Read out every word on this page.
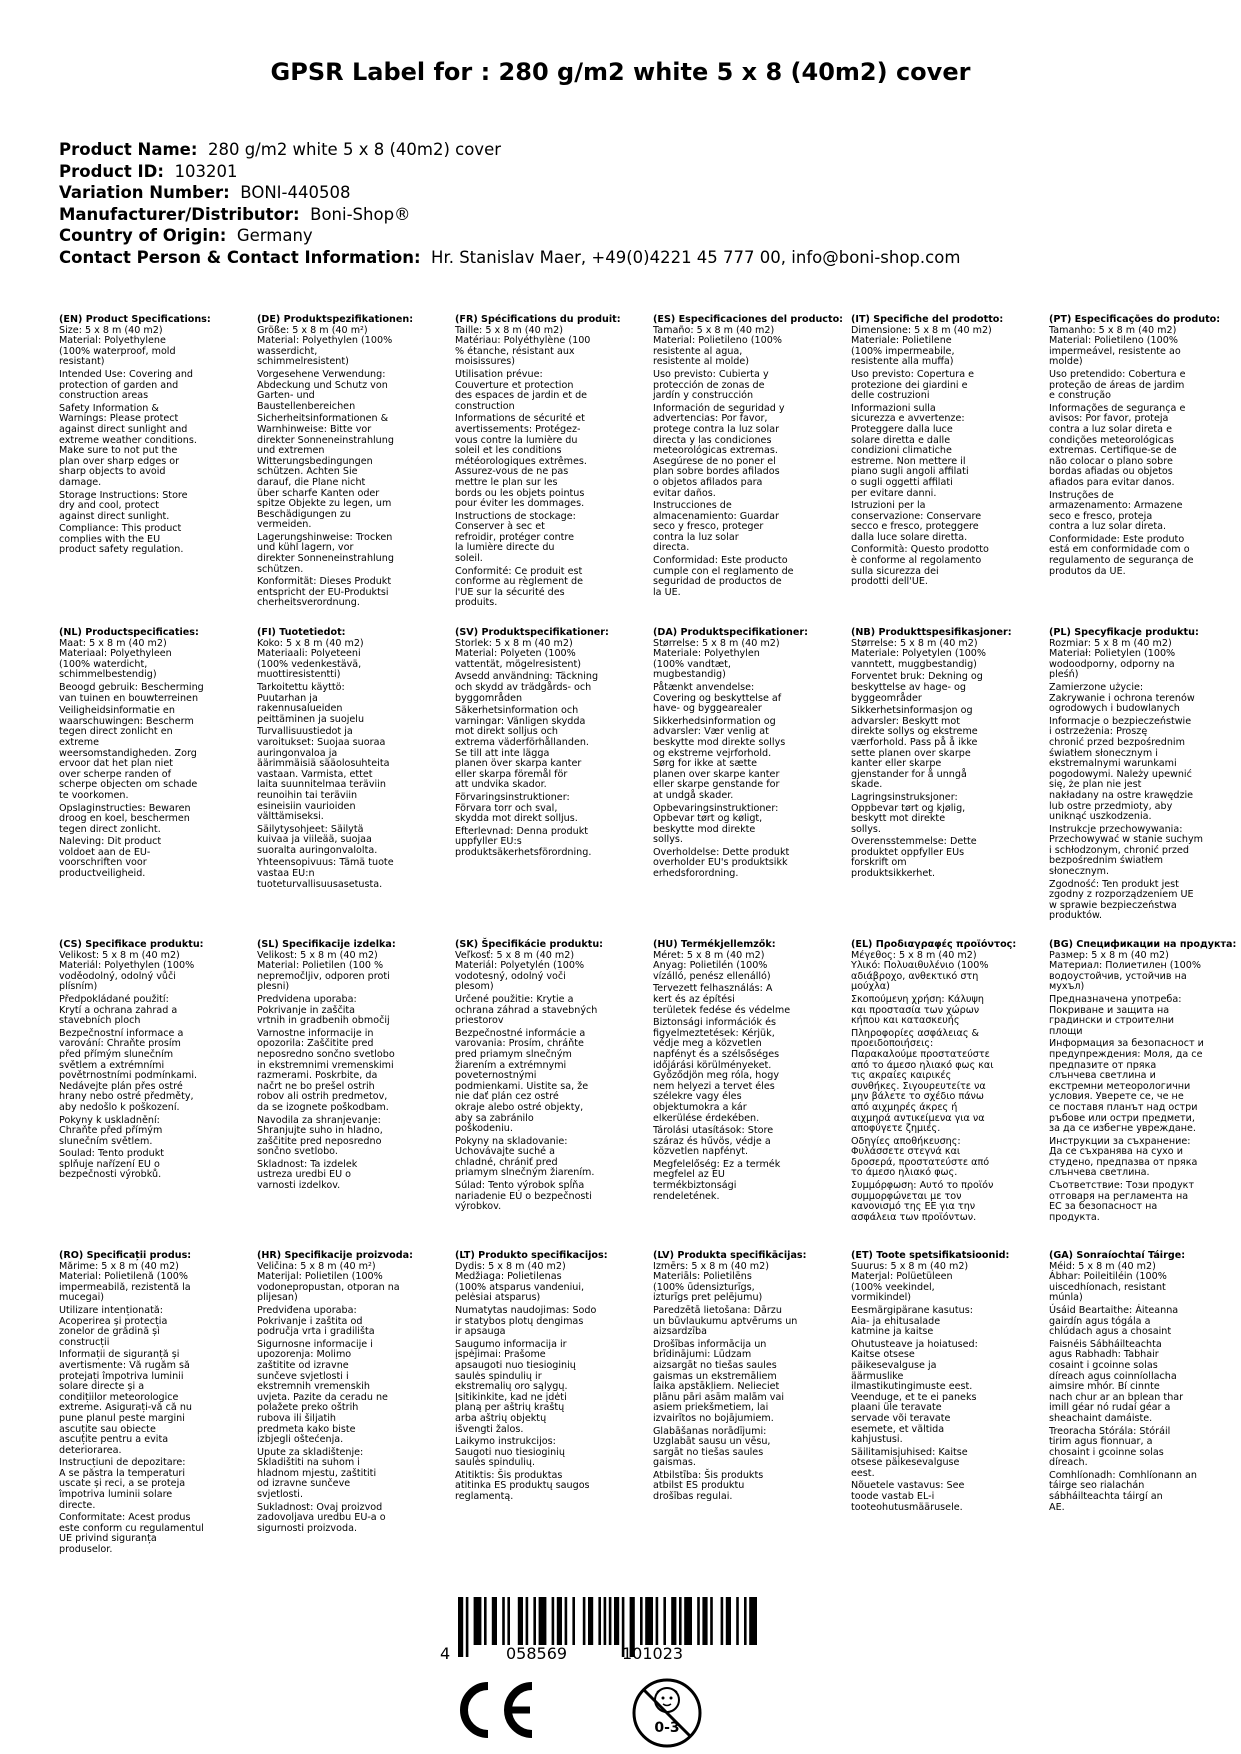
GPSR Label for : 280 g/m2 white 5 x 8 (40m2) cover
Product Name: 280 g/m2 white 5 x 8 (40m2) cover
Product ID: 103201
Variation Number: BONI-440508
Manufacturer/Distributor: Boni-Shop®
Country of Origin: Germany
Contact Person & Contact Information: Hr. Stanislav Maer, +49(0)4221 45 777 00, info@boni-shop.com
(EN) Product Specifications:
Size: 5 x 8 m (40 m2)
Material: Polyethylene
(100% waterproof, mold
resistant)
Intended Use: Covering and
protection of garden and
construction areas
Safety Information &
Warnings: Please protect
against direct sunlight and
extreme weather conditions.
Make sure to not put the
plan over sharp edges or
sharp objects to avoid
damage.
Storage Instructions: Store
dry and cool, protect
against direct sunlight.
Compliance: This product
complies with the EU
product safety regulation.
(DE) Produktspezifikationen:
Größe: 5 x 8 m (40 m²)
Material: Polyethylen (100%
wasserdicht,
schimmelresistent)
Vorgesehene Verwendung:
Abdeckung und Schutz von
Garten- und
Baustellenbereichen
Sicherheitsinformationen &
Warnhinweise: Bitte vor
direkter Sonneneinstrahlung
und extremen
Witterungsbedingungen
schützen. Achten Sie
darauf, die Plane nicht
über scharfe Kanten oder
spitze Objekte zu legen, um
Beschädigungen zu
vermeiden.
Lagerungshinweise: Trocken
und kühl lagern, vor
direkter Sonneneinstrahlung
schützen.
Konformität: Dieses Produkt
entspricht der EU-Produktsi
cherheitsverordnung.
(FR) Spécifications du produit:
Taille: 5 x 8 m (40 m2)
Matériau: Polyéthylène (100
% étanche, résistant aux
moisissures)
Utilisation prévue:
Couverture et protection
des espaces de jardin et de
construction
Informations de sécurité et
avertissements: Protégez-
vous contre la lumière du
soleil et les conditions
météorologiques extrêmes.
Assurez-vous de ne pas
mettre le plan sur les
bords ou les objets pointus
pour éviter les dommages.
Instructions de stockage:
Conserver à sec et
refroidir, protéger contre
la lumière directe du
soleil.
Conformité: Ce produit est
conforme au règlement de
l'UE sur la sécurité des
produits.
(ES) Especificaciones del producto:
Tamaño: 5 x 8 m (40 m2)
Material: Polietileno (100%
resistente al agua,
resistente al molde)
Uso previsto: Cubierta y
protección de zonas de
jardín y construcción
Información de seguridad y
advertencias: Por favor,
protege contra la luz solar
directa y las condiciones
meteorológicas extremas.
Asegúrese de no poner el
plan sobre bordes afilados
o objetos afilados para
evitar daños.
Instrucciones de
almacenamiento: Guardar
seco y fresco, proteger
contra la luz solar
directa.
Conformidad: Este producto
cumple con el reglamento de
seguridad de productos de
la UE.
(IT) Specifiche del prodotto:
Dimensione: 5 x 8 m (40 m2)
Materiale: Polietilene
(100% impermeabile,
resistente alla muffa)
Uso previsto: Copertura e
protezione dei giardini e
delle costruzioni
Informazioni sulla
sicurezza e avvertenze:
Proteggere dalla luce
solare diretta e dalle
condizioni climatiche
estreme. Non mettere il
piano sugli angoli affilati
o sugli oggetti affilati
per evitare danni.
Istruzioni per la
conservazione: Conservare
secco e fresco, proteggere
dalla luce solare diretta.
Conformità: Questo prodotto
è conforme al regolamento
sulla sicurezza dei
prodotti dell'UE.
(PT) Especificações do produto:
Tamanho: 5 x 8 m (40 m2)
Material: Polietileno (100%
impermeável, resistente ao
molde)
Uso pretendido: Cobertura e
proteção de áreas de jardim
e construção
Informações de segurança e
avisos: Por favor, proteja
contra a luz solar direta e
condições meteorológicas
extremas. Certifique-se de
não colocar o plano sobre
bordas afiadas ou objetos
afiados para evitar danos.
Instruções de
armazenamento: Armazene
seco e fresco, proteja
contra a luz solar direta.
Conformidade: Este produto
está em conformidade com o
regulamento de segurança de
produtos da UE.
(NL) Productspecificaties:
Maat: 5 x 8 m (40 m2)
Materiaal: Polyethyleen
(100% waterdicht,
schimmelbestendig)
Beoogd gebruik: Bescherming
van tuinen en bouwterreinen
Veiligheidsinformatie en
waarschuwingen: Bescherm
tegen direct zonlicht en
extreme
weersomstandigheden. Zorg
ervoor dat het plan niet
over scherpe randen of
scherpe objecten om schade
te voorkomen.
Opslaginstructies: Bewaren
droog en koel, beschermen
tegen direct zonlicht.
Naleving: Dit product
voldoet aan de EU-
voorschriften voor
productveiligheid.
(FI) Tuotetiedot:
Koko: 5 x 8 m (40 m2)
Materiaali: Polyeteeni
(100% vedenkestävä,
muottiresistentti)
Tarkoitettu käyttö:
Puutarhan ja
rakennusalueiden
peittäminen ja suojelu
Turvallisuustiedot ja
varoitukset: Suojaa suoraa
auringonvaloa ja
äärimmäisiä sääolosuhteita
vastaan. Varmista, ettet
laita suunnitelmaa teräviin
reunoihin tai teräviin
esineisiin vaurioiden
välttämiseksi.
Säilytysohjeet: Säilytä
kuivaa ja viileää, suojaa
suoralta auringonvalolta.
Yhteensopivuus: Tämä tuote
vastaa EU:n
tuoteturvallisuusasetusta.
(SV) Produktspecifikationer:
Storlek: 5 x 8 m (40 m2)
Material: Polyeten (100%
vattentät, mögelresistent)
Avsedd användning: Täckning
och skydd av trädgårds- och
byggområden
Säkerhetsinformation och
varningar: Vänligen skydda
mot direkt solljus och
extrema väderförhållanden.
Se till att inte lägga
planen över skarpa kanter
eller skarpa föremål för
att undvika skador.
Förvaringsinstruktioner:
Förvara torr och sval,
skydda mot direkt solljus.
Efterlevnad: Denna produkt
uppfyller EU:s
produktsäkerhetsförordning.
(DA) Produktspecifikationer:
Størrelse: 5 x 8 m (40 m2)
Materiale: Polyethylen
(100% vandtæt,
mugbestandig)
Påtænkt anvendelse:
Covering og beskyttelse af
have- og byggearealer
Sikkerhedsinformation og
advarsler: Vær venlig at
beskytte mod direkte sollys
og ekstreme vejrforhold.
Sørg for ikke at sætte
planen over skarpe kanter
eller skarpe genstande for
at undgå skader.
Opbevaringsinstruktioner:
Opbevar tørt og køligt,
beskytte mod direkte
sollys.
Overholdelse: Dette produkt
overholder EU's produktsikk
erhedsforordning.
(NB) Produkttspesifikasjoner:
Størrelse: 5 x 8 m (40 m2)
Materiale: Polyetylen (100%
vanntett, muggbestandig)
Forventet bruk: Dekning og
beskyttelse av hage- og
byggeområder
Sikkerhetsinformasjon og
advarsler: Beskytt mot
direkte sollys og ekstreme
værforhold. Pass på å ikke
sette planen over skarpe
kanter eller skarpe
gjenstander for å unngå
skade.
Lagringsinstruksjoner:
Oppbevar tørt og kjølig,
beskytt mot direkte
sollys.
Overensstemmelse: Dette
produktet oppfyller EUs
forskrift om
produktsikkerhet.
(PL) Specyfikacje produktu:
Rozmiar: 5 x 8 m (40 m2)
Materiał: Polietylen (100%
wodoodporny, odporny na
pleśń)
Zamierzone użycie:
Zakrywanie i ochrona terenów
ogrodowych i budowlanych
Informacje o bezpieczeństwie
i ostrzeżenia: Proszę
chronić przed bezpośrednim
światłem słonecznym i
ekstremalnymi warunkami
pogodowymi. Należy upewnić
się, że plan nie jest
nakładany na ostre krawędzie
lub ostre przedmioty, aby
uniknąć uszkodzenia.
Instrukcje przechowywania:
Przechowywać w stanie suchym
i schłodzonym, chronić przed
bezpośrednim światłem
słonecznym.
Zgodność: Ten produkt jest
zgodny z rozporządzeniem UE
w sprawie bezpieczeństwa
produktów.
(CS) Specifikace produktu:
Velikost: 5 x 8 m (40 m2)
Materiál: Polyethylen (100%
voděodolný, odolný vůči
plísním)
Předpokládané použití:
Krytí a ochrana zahrad a
stavebních ploch
Bezpečnostní informace a
varování: Chraňte prosím
před přímým slunečním
světlem a extrémními
povětrnostními podmínkami.
Nedávejte plán přes ostré
hrany nebo ostré předměty,
aby nedošlo k poškození.
Pokyny k uskladnění:
Chraňte před přímým
slunečním světlem.
Soulad: Tento produkt
splňuje nařízení EU o
bezpečnosti výrobků.
(SL) Specifikacije izdelka:
Velikost: 5 x 8 m (40 m2)
Material: Polietilen (100 %
nepremočljiv, odporen proti
plesni)
Predvidena uporaba:
Pokrivanje in zaščita
vrtnih in gradbenih območij
Varnostne informacije in
opozorila: Zaščitite pred
neposredno sončno svetlobo
in ekstremnimi vremenskimi
razmerami. Poskrbite, da
načrt ne bo prešel ostrih
robov ali ostrih predmetov,
da se izognete poškodbam.
Navodila za shranjevanje:
Shranjujte suho in hladno,
zaščitite pred neposredno
sončno svetlobo.
Skladnost: Ta izdelek
ustreza uredbi EU o
varnosti izdelkov.
(SK) Špecifikácie produktu:
Veľkosť: 5 x 8 m (40 m2)
Materiál: Polyetylén (100%
vodotesný, odolný voči
plesom)
Určené použitie: Krytie a
ochrana záhrad a stavebných
priestorov
Bezpečnostné informácie a
varovania: Prosím, chráňte
pred priamym slnečným
žiarením a extrémnymi
poveternostnými
podmienkami. Uistite sa, že
nie dať plán cez ostré
okraje alebo ostré objekty,
aby sa zabránilo
poškodeniu.
Pokyny na skladovanie:
Uchovávajte suché a
chladné, chrániť pred
priamym slnečným žiarením.
Súlad: Tento výrobok spĺňa
nariadenie EÚ o bezpečnosti
výrobkov.
(HU) Termékjellemzők:
Méret: 5 x 8 m (40 m2)
Anyag: Polietilén (100%
vízálló, penész ellenálló)
Tervezett felhasználás: A
kert és az építési
területek fedése és védelme
Biztonsági információk és
figyelmeztetések: Kérjük,
védje meg a közvetlen
napfényt és a szélsőséges
időjárási körülményeket.
Győződjön meg róla, hogy
nem helyezi a tervet éles
szélekre vagy éles
objektumokra a kár
elkerülése érdekében.
Tárolási utasítások: Store
száraz és hűvös, védje a
közvetlen napfényt.
Megfelelőség: Ez a termék
megfelel az EU
termékbiztonsági
rendeletének.
(EL) Προδιαγραφές προϊόντος:
Μέγεθος: 5 x 8 m (40 m2)
Υλικό: Πολυαιθυλένιο (100%
αδιάβροχο, ανθεκτικό στη
μούχλα)
Σκοπούμενη χρήση: Κάλυψη
και προστασία των χώρων
κήπου και κατασκευής
Πληροφορίες ασφάλειας &
προειδοποιήσεις:
Παρακαλούμε προστατεύστε
από το άμεσο ηλιακό φως και
τις ακραίες καιρικές
συνθήκες. Σιγουρευτείτε να
μην βάλετε το σχέδιο πάνω
από αιχμηρές άκρες ή
αιχμηρά αντικείμενα για να
αποφύγετε ζημιές.
Οδηγίες αποθήκευσης:
Φυλάσσετε στεγνά και
δροσερά, προστατεύστε από
το άμεσο ηλιακό φως.
Συμμόρφωση: Αυτό το προϊόν
συμμορφώνεται με τον
κανονισμό της ΕΕ για την
ασφάλεια των προϊόντων.
(BG) Спецификации на продукта:
Размер: 5 x 8 m (40 m2)
Материал: Полиетилен (100%
водоустойчив, устойчив на
мухъл)
Предназначена употреба:
Покриване и защита на
градински и строителни
площи
Информация за безопасност и
предупреждения: Моля, да се
предпазите от пряка
слънчева светлина и
екстремни метеорологични
условия. Уверете се, че не
се поставя планът над остри
ръбове или остри предмети,
за да се избегне увреждане.
Инструкции за съхранение:
Да се съхранява на сухо и
студено, предпазва от пряка
слънчева светлина.
Съответствие: Този продукт
отговаря на регламента на
ЕС за безопасност на
продукта.
(RO) Specificații produs:
Mărime: 5 x 8 m (40 m2)
Material: Polietilenă (100%
impermeabilă, rezistentă la
mucegai)
Utilizare intenționată:
Acoperirea și protecția
zonelor de grădină și
construcții
Informații de siguranță și
avertismente: Vă rugăm să
protejați împotriva luminii
solare directe și a
condițiilor meteorologice
extreme. Asigurați-vă că nu
pune planul peste margini
ascuțite sau obiecte
ascuțite pentru a evita
deteriorarea.
Instrucțiuni de depozitare:
A se păstra la temperaturi
uscate și reci, a se proteja
împotriva luminii solare
directe.
Conformitate: Acest produs
este conform cu regulamentul
UE privind siguranța
produselor.
(HR) Specifikacije proizvoda:
Veličina: 5 x 8 m (40 m²)
Materijal: Polietilen (100%
vodonepropustan, otporan na
plijesan)
Predviđena uporaba:
Pokrivanje i zaštita od
područja vrta i gradilišta
Sigurnosne informacije i
upozorenja: Molimo
zaštitite od izravne
sunčeve svjetlosti i
ekstremnih vremenskih
uvjeta. Pazite da ceradu ne
polažete preko oštrih
rubova ili šiljatih
predmeta kako biste
izbjegli oštećenja.
Upute za skladištenje:
Skladištiti na suhom i
hladnom mjestu, zaštititi
od izravne sunčeve
svjetlosti.
Sukladnost: Ovaj proizvod
zadovoljava uredbu EU-a o
sigurnosti proizvoda.
(LT) Produkto specifikacijos:
Dydis: 5 x 8 m (40 m2)
Medžiaga: Polietilenas
(100% atsparus vandeniui,
pelėsiai atsparus)
Numatytas naudojimas: Sodo
ir statybos plotų dengimas
ir apsauga
Saugumo informacija ir
įspėjimai: Prašome
apsaugoti nuo tiesioginių
saulės spindulių ir
ekstremalių oro sąlygų.
Įsitikinkite, kad ne įdėti
planą per aštrių kraštų
arba aštrių objektų
išvengti žalos.
Laikymo instrukcijos:
Saugoti nuo tiesioginių
saulės spindulių.
Atitiktis: Šis produktas
atitinka ES produktų saugos
reglamentą.
(LV) Produkta specifikācijas:
Izmērs: 5 x 8 m (40 m2)
Materiāls: Polietilēns
(100% ūdensizturīgs,
izturīgs pret pelējumu)
Paredzētā lietošana: Dārzu
un būvlaukumu aptvērums un
aizsardzība
Drošības informācija un
brīdinājumi: Lūdzam
aizsargāt no tiešas saules
gaismas un ekstremāliem
laika apstākļiem. Nelieciet
plānu pāri asām malām vai
asiem priekšmetiem, lai
izvairītos no bojājumiem.
Glabāšanas norādījumi:
Uzglabāt sausu un vēsu,
sargāt no tiešas saules
gaismas.
Atbilstība: Šis produkts
atbilst ES produktu
drošības regulai.
(ET) Toote spetsifikatsioonid:
Suurus: 5 x 8 m (40 m2)
Materjal: Polüetüleen
(100% veekindel,
vormikindel)
Eesmärgipärane kasutus:
Aia- ja ehitusalade
katmine ja kaitse
Ohutusteave ja hoiatused:
Kaitse otsese
päikesevalguse ja
äärmuslike
ilmastikutingimuste eest.
Veenduge, et te ei paneks
plaani üle teravate
servade või teravate
esemete, et vältida
kahjustusi.
Säilitamisjuhised: Kaitse
otsese päikesevalguse
eest.
Nõuetele vastavus: See
toode vastab EL-i
tooteohutusmäärusele.
(GA) Sonraíochtaí Táirge:
Méid: 5 x 8 m (40 m2)
Ábhar: Poileitiléin (100%
uiscedhíonach, resistant
múnla)
Úsáid Beartaithe: Áiteanna
gairdín agus tógála a
chlúdach agus a chosaint
Faisnéis Sábháilteachta
agus Rabhadh: Tabhair
cosaint i gcoinne solas
díreach agus coinníollacha
aimsire mhór. Bí cinnte
nach chur ar an bplean thar
imill géar nó rudaí géar a
sheachaint damáiste.
Treoracha Stórála: Stóráil
tirim agus fionnuar, a
chosaint i gcoinne solas
díreach.
Comhlíonadh: Comhlíonann an
táirge seo rialachán
sábháilteachta táirgí an
AE.
4	058569	101023
0-3
